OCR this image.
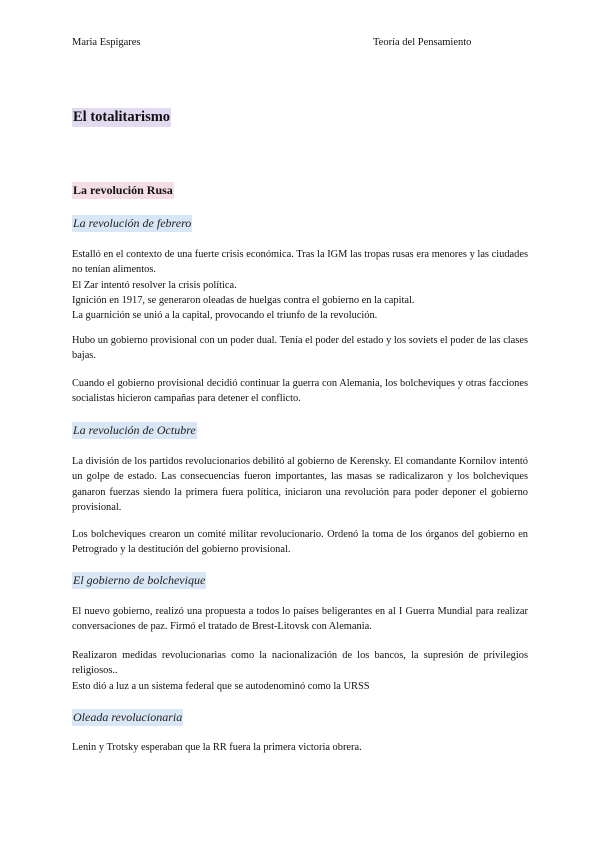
Maria Espigares	Teoría del Pensamiento
El totalitarismo
La revolución Rusa
La revolución de febrero
Estalló en el contexto de una fuerte crisis económica. Tras la IGM las tropas rusas era menores y las ciudades no tenían alimentos.
El Zar intentó resolver la crisis política.
Ignición en 1917, se generaron oleadas de huelgas contra el gobierno en la capital.
La guarnición se unió a la capital, provocando el triunfo de la revolución.
Hubo un gobierno provisional con un poder dual. Tenía el poder del estado y los soviets el poder de las clases bajas.
Cuando el gobierno provisional decidió continuar la guerra con Alemania, los bolcheviques y otras facciones socialistas hicieron campañas para detener el conflicto.
La revolución de Octubre
La división de los partidos revolucionarios debilitó al gobierno de Kerensky. El comandante Kornilov intentó un golpe de estado. Las consecuencias fueron importantes, las masas se radicalizaron y los bolcheviques ganaron fuerzas siendo la primera fuera política, iniciaron una revolución para poder deponer el gobierno provisional.
Los bolcheviques crearon un comité militar revolucionario. Ordenó la toma de los órganos del gobierno en Petrogrado y la destitución del gobierno provisional.
El gobierno de bolchevique
El nuevo gobierno, realizó una propuesta a todos lo países beligerantes en al I Guerra Mundial para realizar conversaciones de paz. Firmó el tratado de Brest-Litovsk con Alemania.
Realizaron medidas revolucionarias como la nacionalización de los bancos, la supresión de privilegios religiosos..
Esto dió a luz a un sistema federal que se autodenominó como la URSS
Oleada revolucionaria
Lenin y Trotsky esperaban que la RR fuera la primera victoria obrera.
